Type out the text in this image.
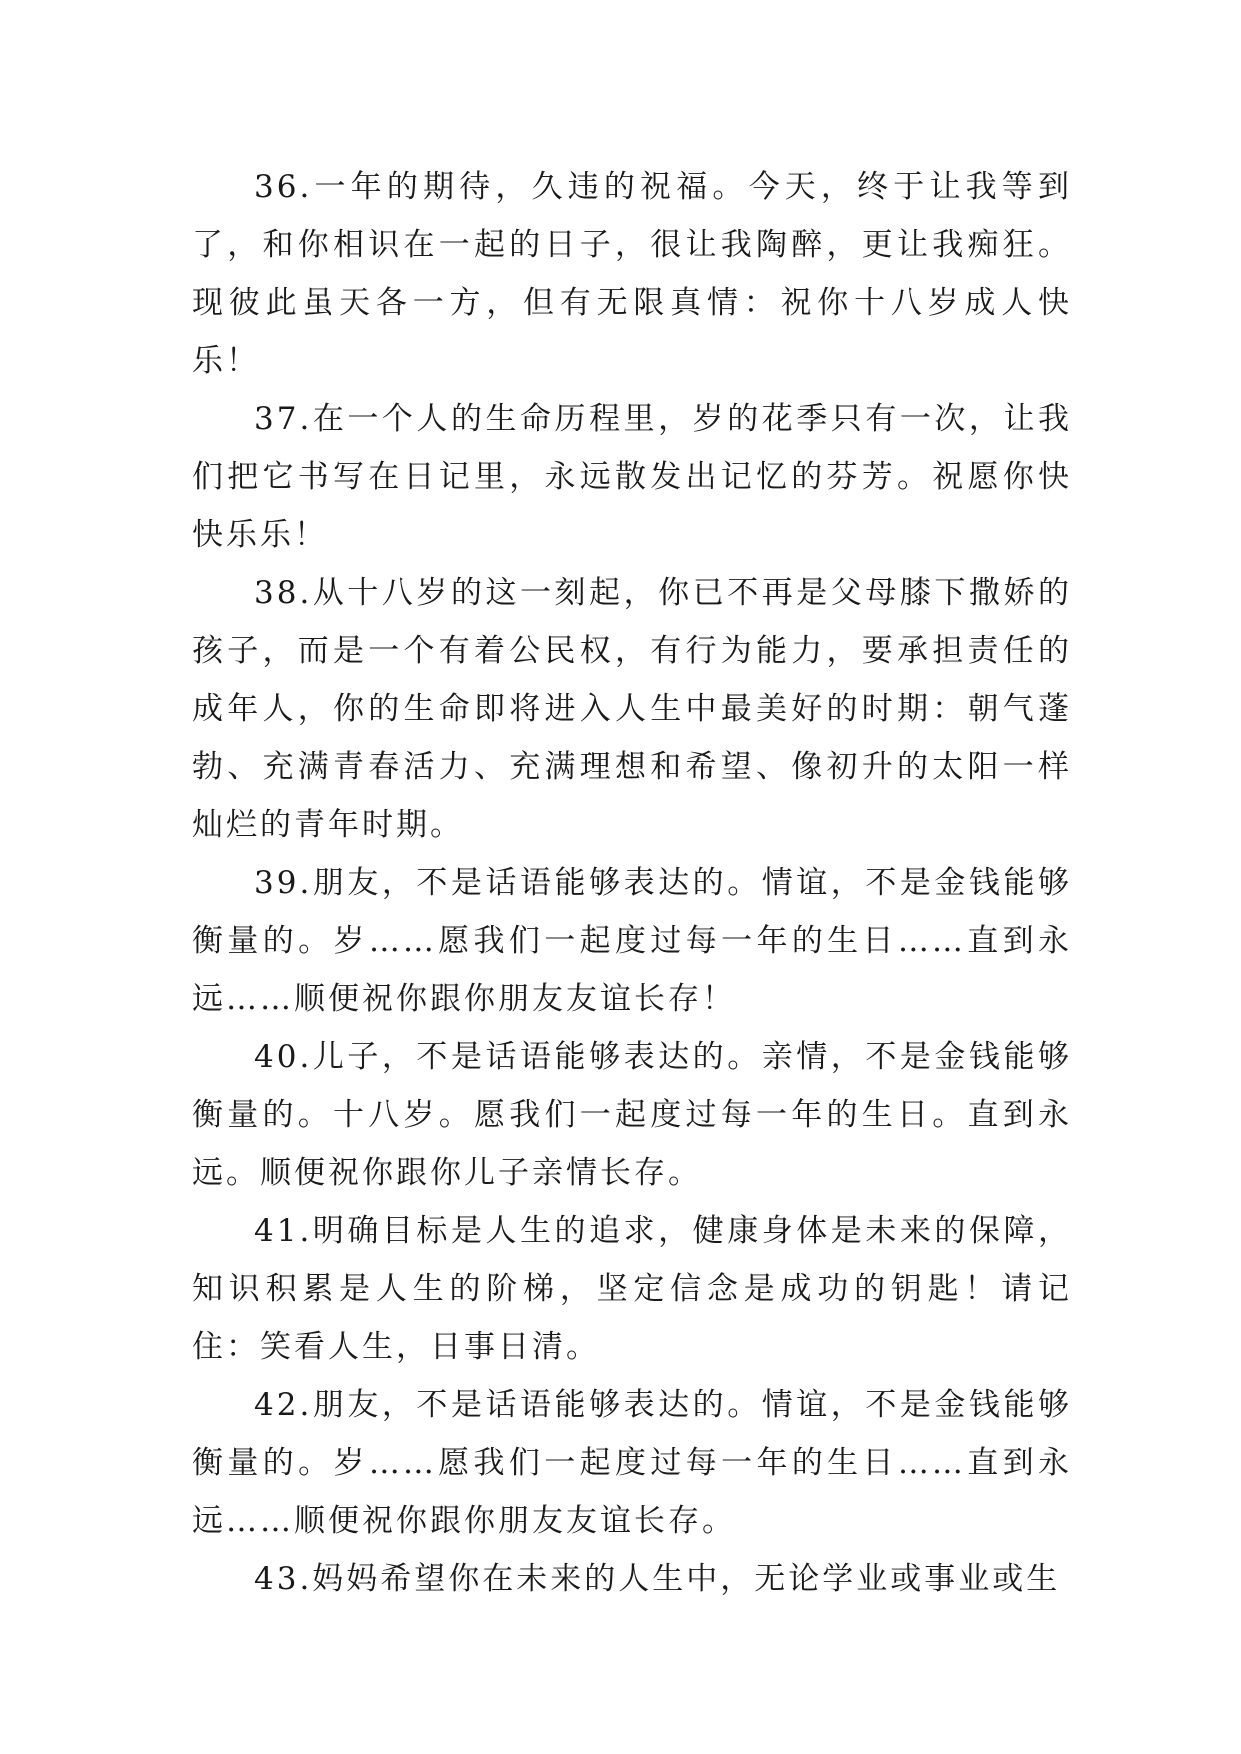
36.一年的期待，久违的祝福。今天，终于让我等到了，和你相识在一起的日子，很让我陶醉，更让我痴狂。现彼此虽天各一方，但有无限真情：祝你十八岁成人快乐！

37.在一个人的生命历程里，岁的花季只有一次，让我们把它书写在日记里，永远散发出记忆的芬芳。祝愿你快快乐乐！

38.从十八岁的这一刻起，你已不再是父母膝下撒娇的孩子，而是一个有着公民权，有行为能力，要承担责任的成年人，你的生命即将进入人生中最美好的时期：朝气蓬勃、充满青春活力、充满理想和希望、像初升的太阳一样灿烂的青年时期。

39.朋友，不是话语能够表达的。情谊，不是金钱能够衡量的。岁……愿我们一起度过每一年的生日……直到永远……顺便祝你跟你朋友友谊长存！

40.儿子，不是话语能够表达的。亲情，不是金钱能够衡量的。十八岁。愿我们一起度过每一年的生日。直到永远。顺便祝你跟你儿子亲情长存。

41.明确目标是人生的追求，健康身体是未来的保障，知识积累是人生的阶梯，坚定信念是成功的钥匙！请记住：笑看人生，日事日清。

42.朋友，不是话语能够表达的。情谊，不是金钱能够衡量的。岁……愿我们一起度过每一年的生日……直到永远……顺便祝你跟你朋友友谊长存。

43.妈妈希望你在未来的人生中，无论学业或事业或生
